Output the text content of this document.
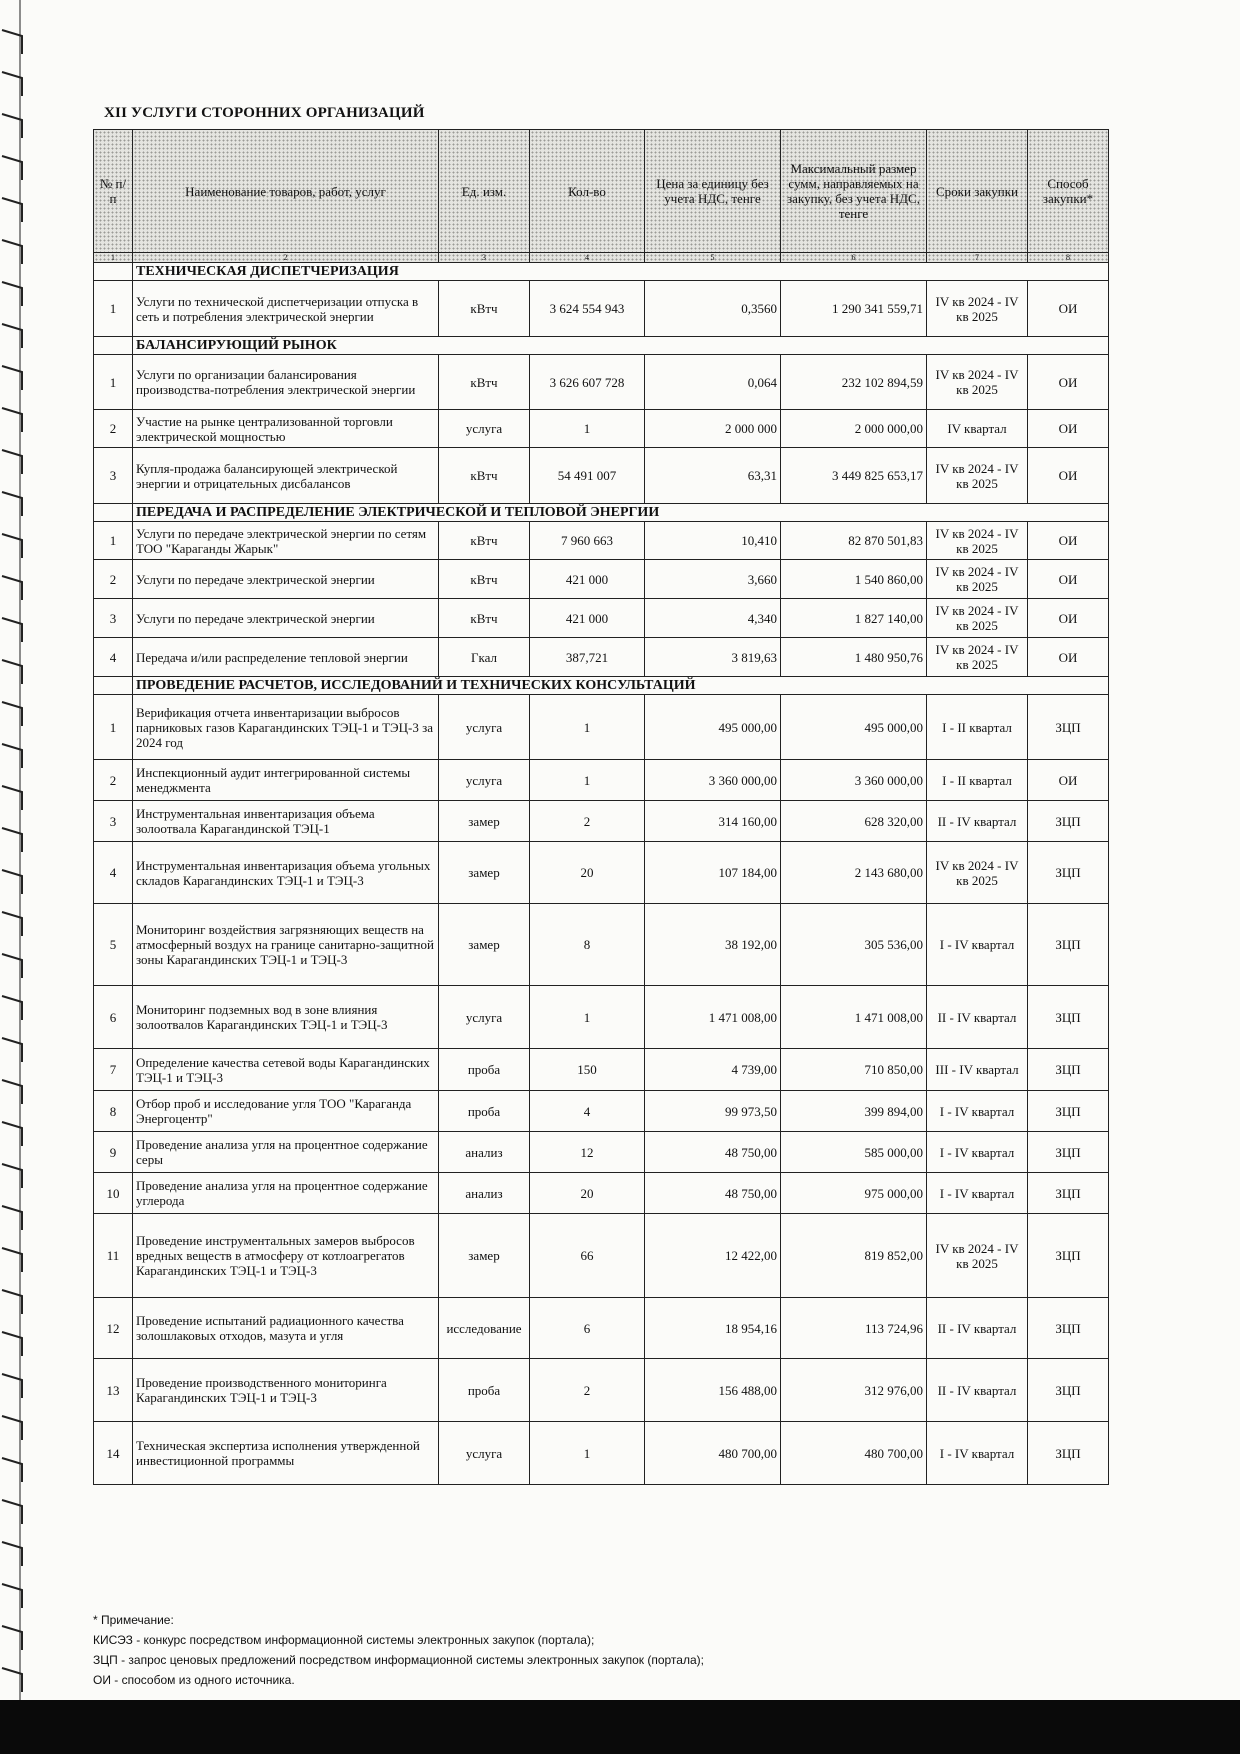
XII УСЛУГИ СТОРОННИХ ОРГАНИЗАЦИЙ
№ п/п	Наименование товаров, работ, услуг	Ед. изм.	Кол-во	Цена за единицу без учета НДС, тенге	Максимальный размер сумм, направляемых на закупку, без учета НДС, тенге	Сроки закупки	Способ закупки*
1	2	3	4	5	6	7	8
	ТЕХНИЧЕСКАЯ ДИСПЕТЧЕРИЗАЦИЯ						
1	Услуги по технической диспетчеризации отпуска в сеть и потребления электрической энергии	кВтч	3 624 554 943	0,3560	1 290 341 559,71	IV кв 2024 - IV кв 2025	ОИ
	БАЛАНСИРУЮЩИЙ РЫНОК						
1	Услуги по организации балансирования производства-потребления электрической энергии	кВтч	3 626 607 728	0,064	232 102 894,59	IV кв 2024 - IV кв 2025	ОИ
2	Участие на рынке централизованной торговли электрической мощностью	услуга	1	2 000 000	2 000 000,00	IV квартал	ОИ
3	Купля-продажа балансирующей электрической энергии и отрицательных дисбалансов	кВтч	54 491 007	63,31	3 449 825 653,17	IV кв 2024 - IV кв 2025	ОИ
	ПЕРЕДАЧА И РАСПРЕДЕЛЕНИЕ ЭЛЕКТРИЧЕСКОЙ И ТЕПЛОВОЙ ЭНЕРГИИ						
1	Услуги по передаче электрической энергии по сетям ТОО "Караганды Жарык"	кВтч	7 960 663	10,410	82 870 501,83	IV кв 2024 - IV кв 2025	ОИ
2	Услуги по передаче электрической энергии	кВтч	421 000	3,660	1 540 860,00	IV кв 2024 - IV кв 2025	ОИ
3	Услуги по передаче электрической энергии	кВтч	421 000	4,340	1 827 140,00	IV кв 2024 - IV кв 2025	ОИ
4	Передача и/или распределение тепловой энергии	Гкал	387,721	3 819,63	1 480 950,76	IV кв 2024 - IV кв 2025	ОИ
	ПРОВЕДЕНИЕ РАСЧЕТОВ, ИССЛЕДОВАНИЙ И ТЕХНИЧЕСКИХ КОНСУЛЬТАЦИЙ						
1	Верификация отчета инвентаризации выбросов парниковых газов Карагандинских ТЭЦ-1 и ТЭЦ-3 за 2024 год	услуга	1	495 000,00	495 000,00	I - II квартал	ЗЦП
2	Инспекционный аудит интегрированной системы менеджмента	услуга	1	3 360 000,00	3 360 000,00	I - II квартал	ОИ
3	Инструментальная инвентаризация объема золоотвала Карагандинской ТЭЦ-1	замер	2	314 160,00	628 320,00	II - IV квартал	ЗЦП
4	Инструментальная инвентаризация объема угольных складов Карагандинских ТЭЦ-1 и ТЭЦ-3	замер	20	107 184,00	2 143 680,00	IV кв 2024 - IV кв 2025	ЗЦП
5	Мониторинг воздействия загрязняющих веществ на атмосферный воздух на границе санитарно-защитной зоны Карагандинских ТЭЦ-1 и ТЭЦ-3	замер	8	38 192,00	305 536,00	I - IV квартал	ЗЦП
6	Мониторинг подземных вод в зоне влияния золоотвалов Карагандинских ТЭЦ-1 и ТЭЦ-3	услуга	1	1 471 008,00	1 471 008,00	II - IV квартал	ЗЦП
7	Определение качества сетевой воды Карагандинских ТЭЦ-1 и ТЭЦ-3	проба	150	4 739,00	710 850,00	III - IV квартал	ЗЦП
8	Отбор проб и исследование угля ТОО "Караганда Энергоцентр"	проба	4	99 973,50	399 894,00	I - IV квартал	ЗЦП
9	Проведение анализа угля на процентное содержание серы	анализ	12	48 750,00	585 000,00	I - IV квартал	ЗЦП
10	Проведение анализа угля на процентное содержание углерода	анализ	20	48 750,00	975 000,00	I - IV квартал	ЗЦП
11	Проведение инструментальных замеров выбросов вредных веществ в атмосферу от котлоагрегатов Карагандинских ТЭЦ-1 и ТЭЦ-3	замер	66	12 422,00	819 852,00	IV кв 2024 - IV кв 2025	ЗЦП
12	Проведение испытаний радиационного качества золошлаковых отходов, мазута и угля	исследование	6	18 954,16	113 724,96	II - IV квартал	ЗЦП
13	Проведение производственного мониторинга Карагандинских ТЭЦ-1 и ТЭЦ-3	проба	2	156 488,00	312 976,00	II - IV квартал	ЗЦП
14	Техническая экспертиза исполнения утвержденной инвестиционной программы	услуга	1	480 700,00	480 700,00	I - IV квартал	ЗЦП
* Примечание:
КИСЭЗ - конкурс посредством информационной системы электронных закупок (портала);
ЗЦП - запрос ценовых предложений посредством информационной системы электронных закупок (портала);
ОИ - способом из одного источника.
